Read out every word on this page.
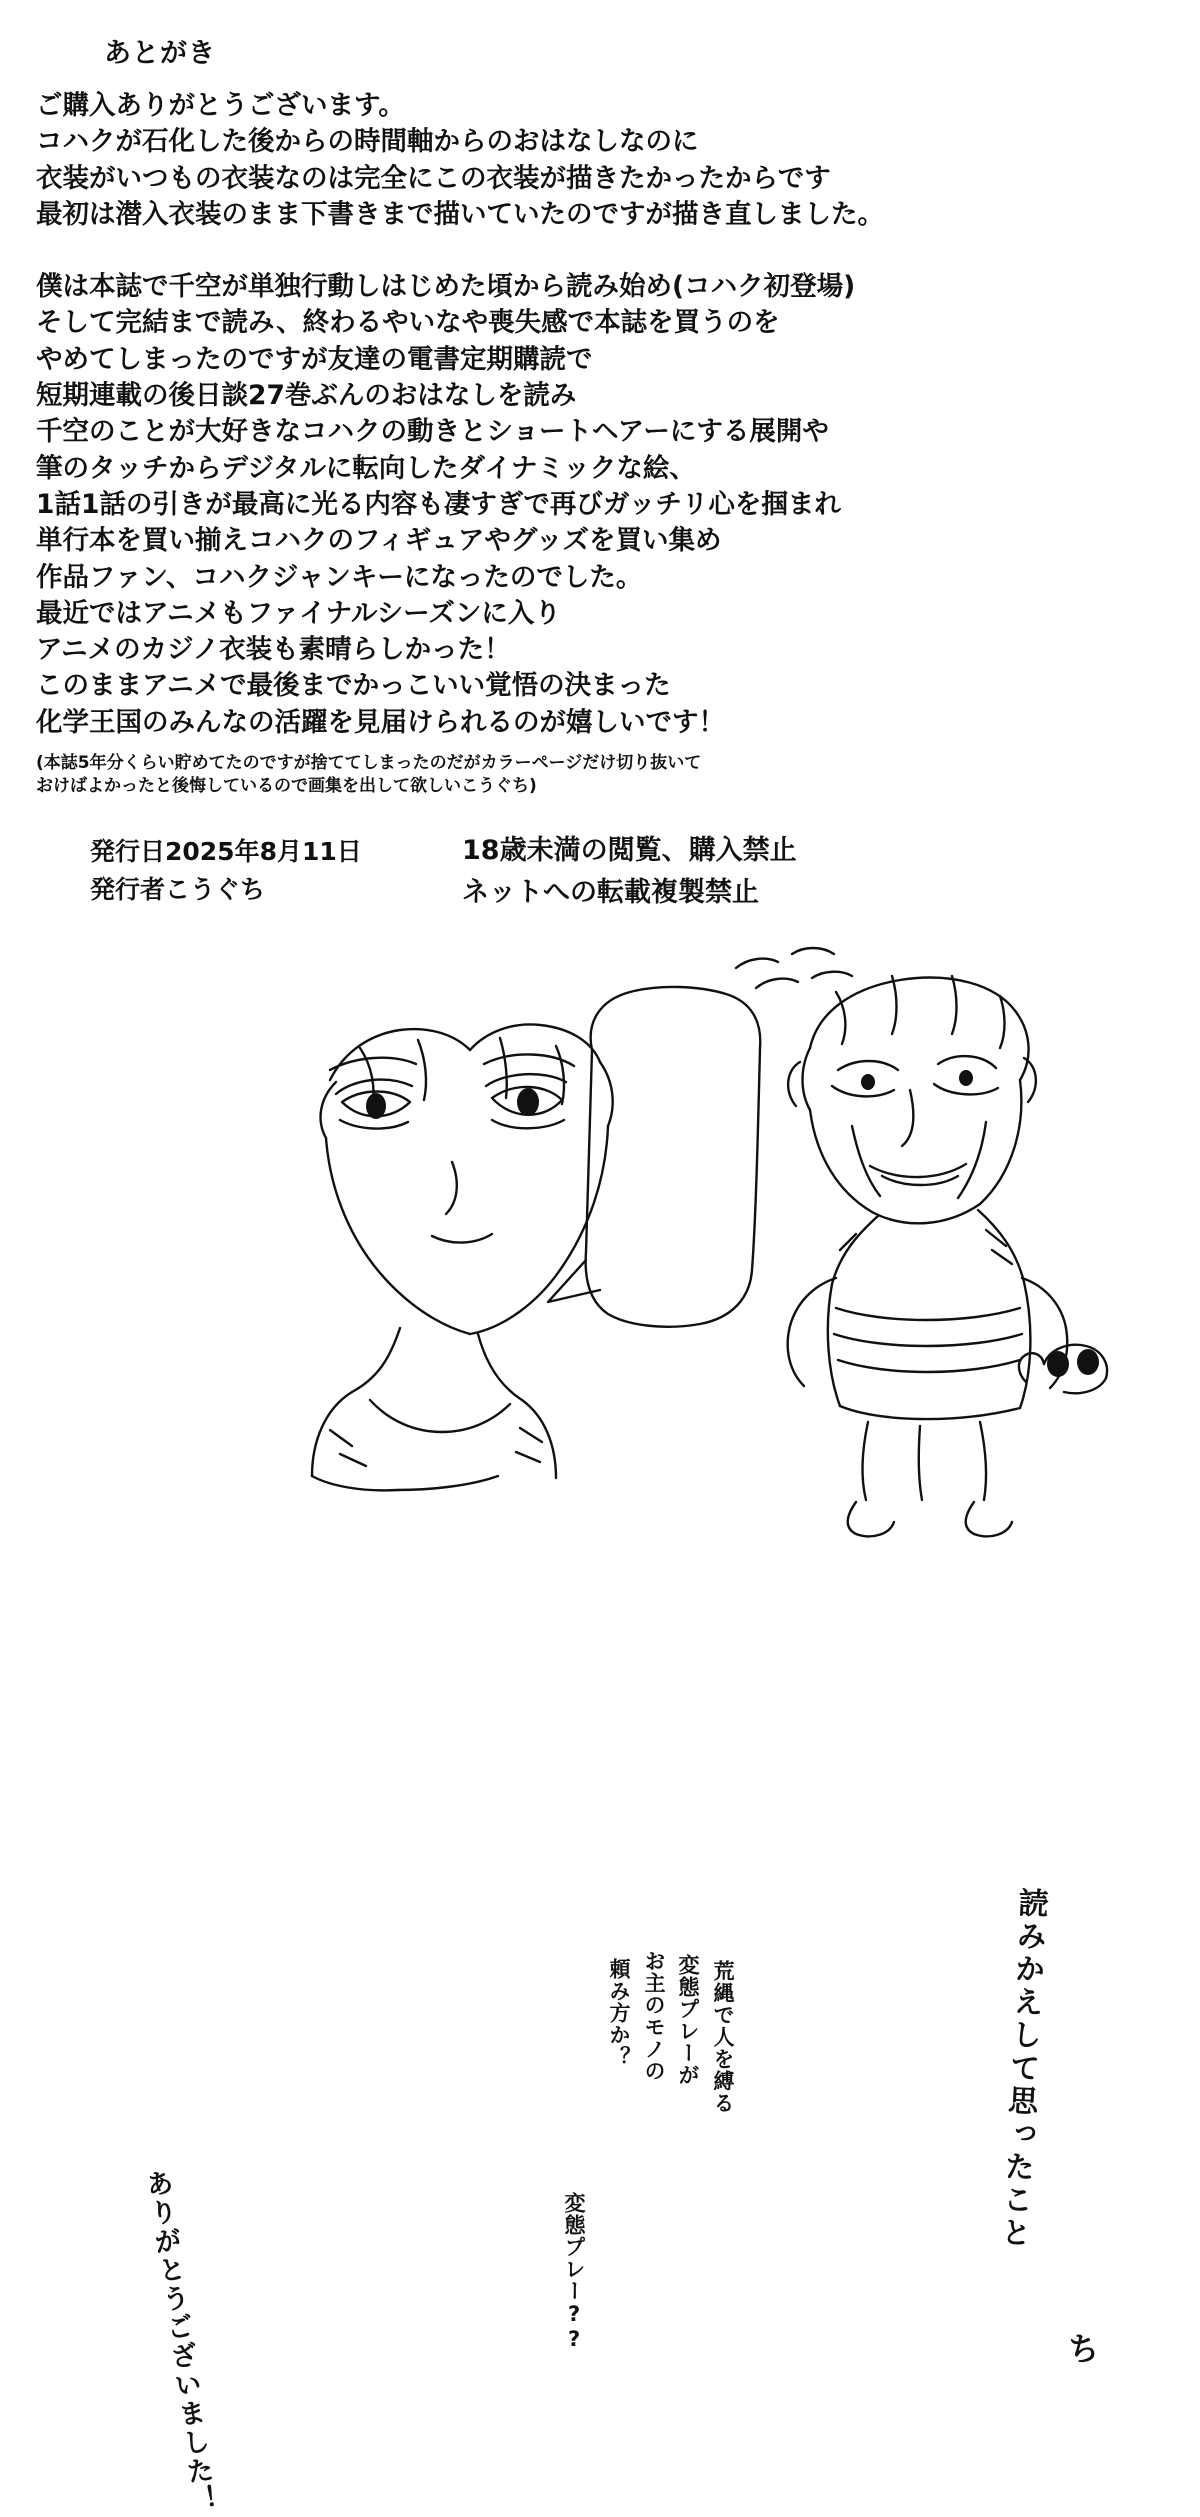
あとがき

ご購入ありがとうございます。

コハクが石化した後からの時間軸からのおはなしなのに

衣装がいつもの衣装なのは完全にこの衣装が描きたかったからです

最初は潜入衣装のまま下書きまで描いていたのですが描き直しました。

僕は本誌で千空が単独行動しはじめた頃から読み始め(コハク初登場)

そして完結まで読み、終わるやいなや喪失感で本誌を買うのを

やめてしまったのですが友達の電書定期購読で

短期連載の後日談27巻ぶんのおはなしを読み

千空のことが大好きなコハクの動きとショートヘアーにする展開や

筆のタッチからデジタルに転向したダイナミックな絵、

1話1話の引きが最高に光る内容も凄すぎで再びガッチリ心を掴まれ

単行本を買い揃えコハクのフィギュアやグッズを買い集め

作品ファン、コハクジャンキーになったのでした。

最近ではアニメもファイナルシーズンに入り

アニメのカジノ衣装も素晴らしかった！

このままアニメで最後までかっこいい覚悟の決まった

化学王国のみんなの活躍を見届けられるのが嬉しいです！

(本誌5年分くらい貯めてたのですが捨ててしまったのだがカラーページだけ切り抜いて

おけばよかったと後悔しているので画集を出して欲しいこうぐち)

発行日2025年8月11日

発行者こうぐち

18歳未満の閲覧、購入禁止

ネットへの転載複製禁止

荒縄で人を縛る
変態プレーが
お主のモノの
頼み方か？
変態プレー??
読みかえして思ったこと
ち
ありがとうございました！
